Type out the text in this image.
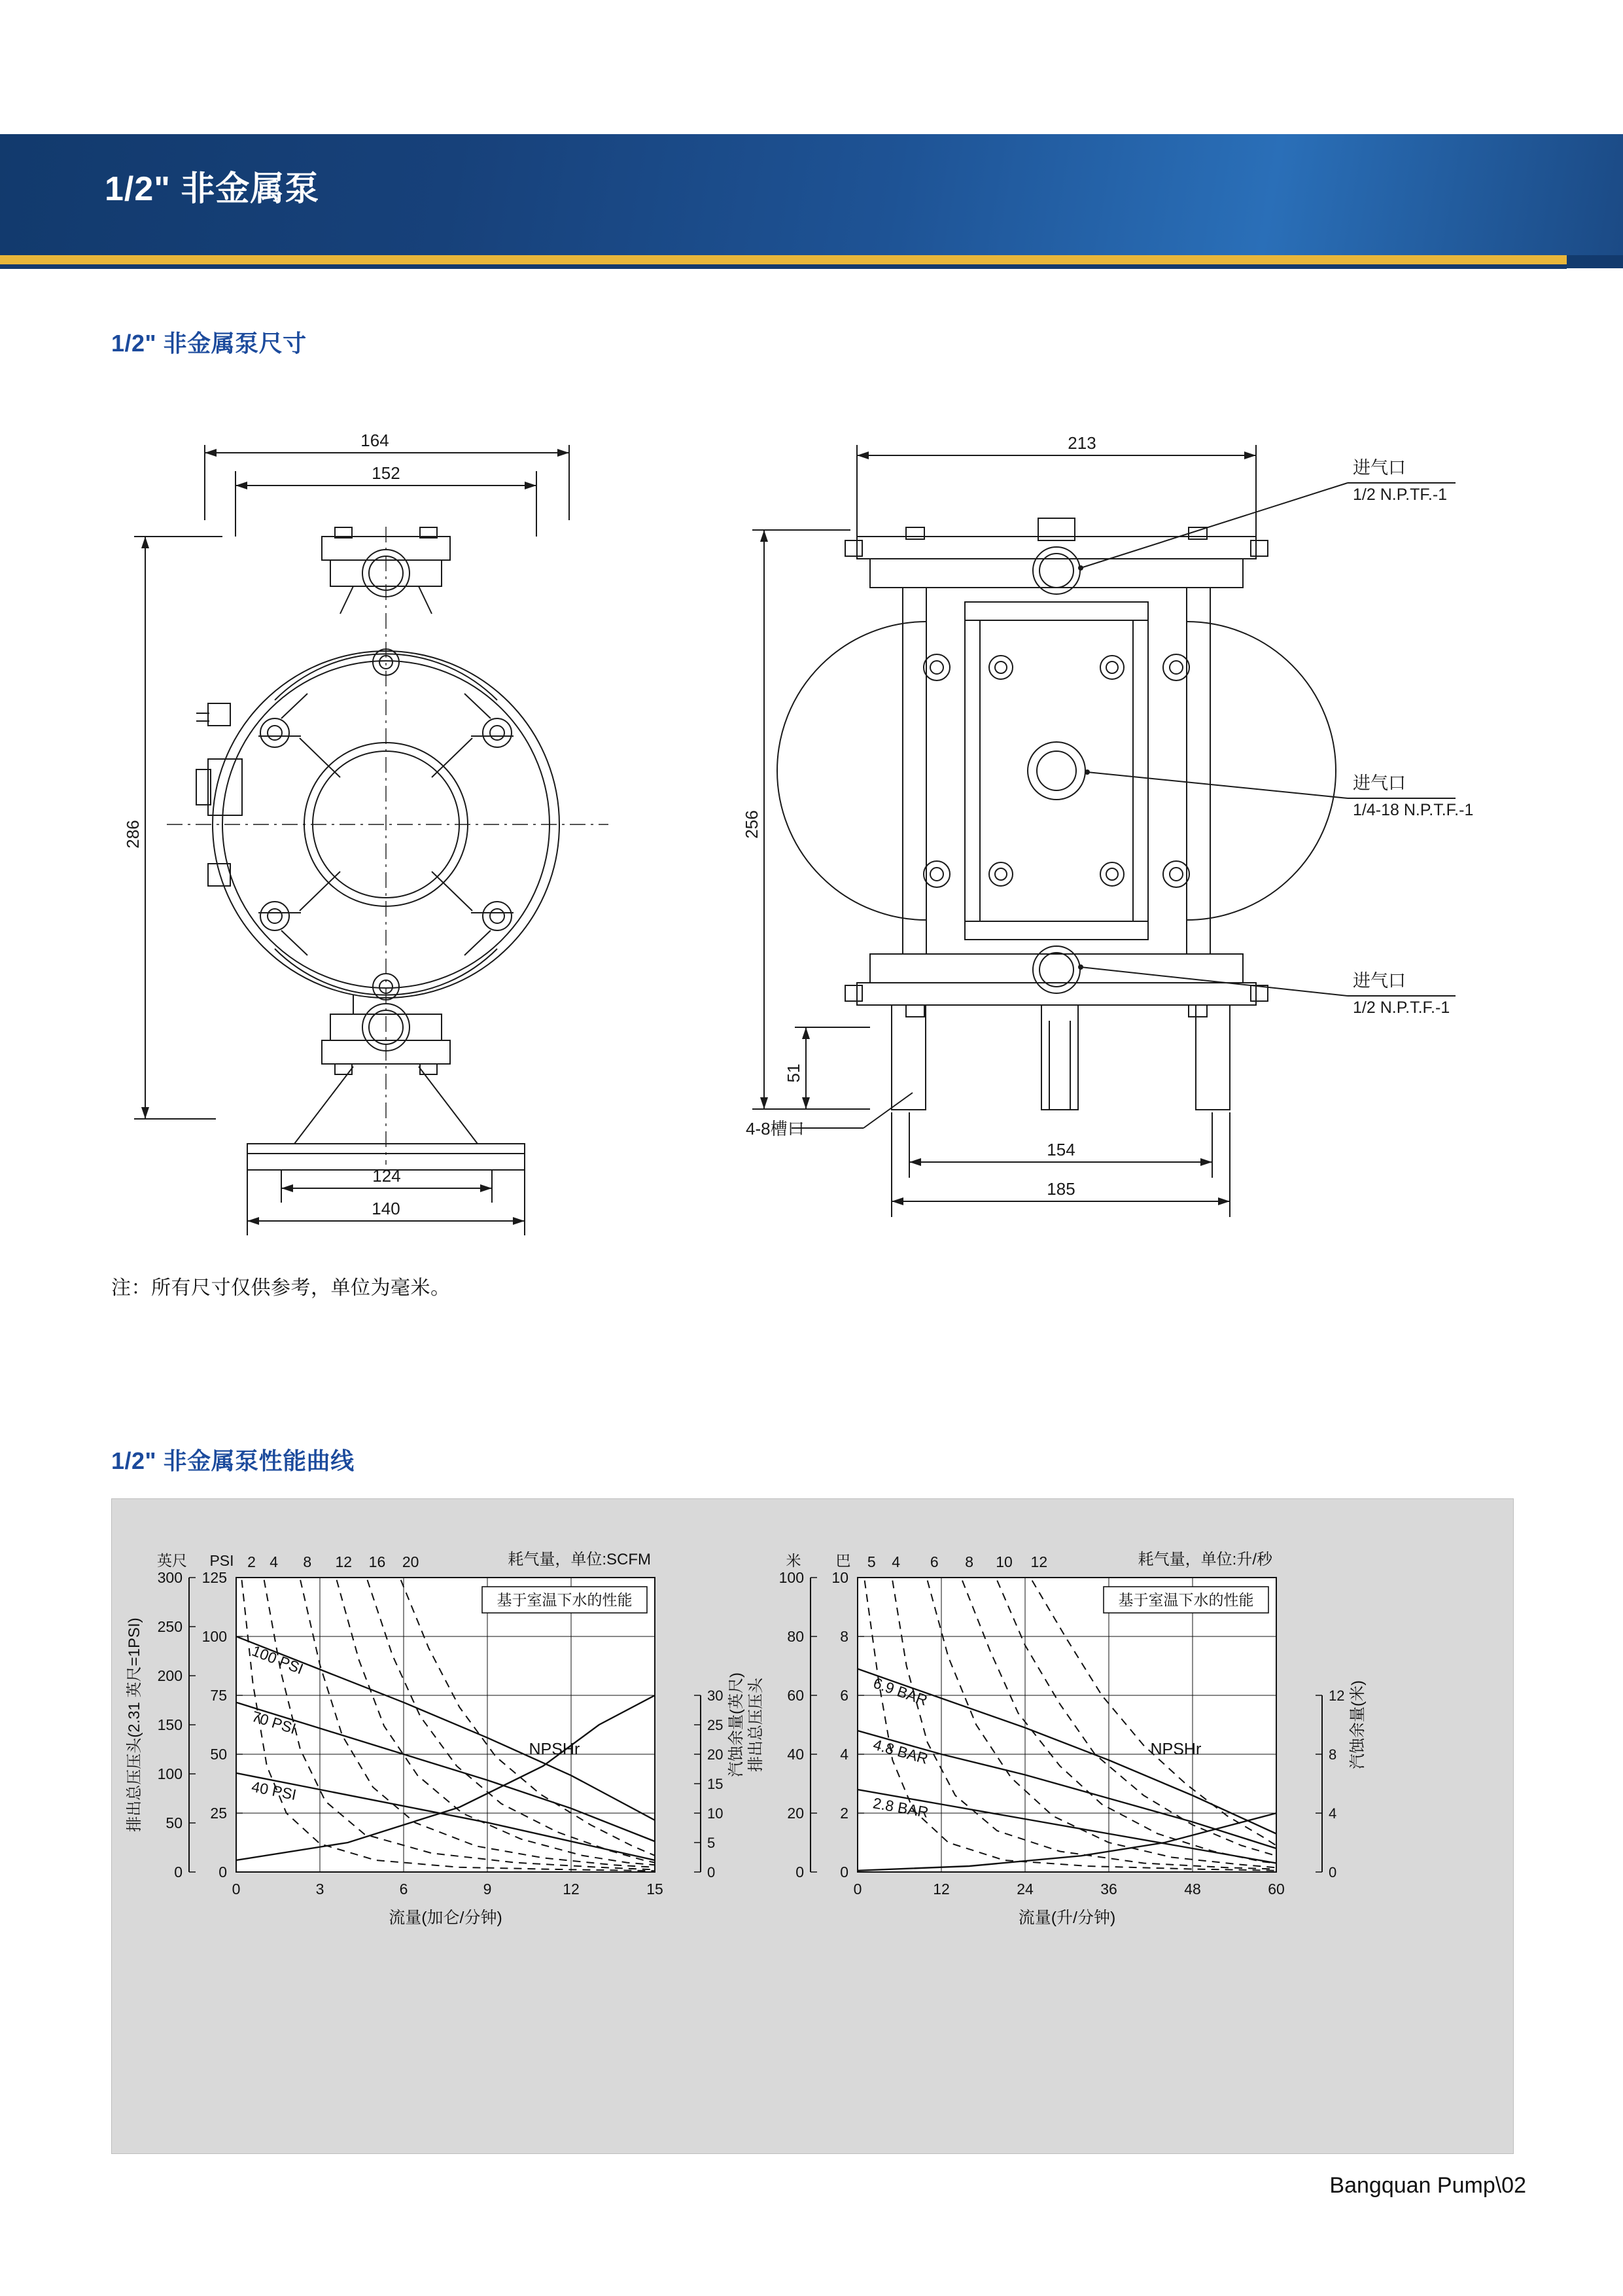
1/2" 非金属泵
1/2" 非金属泵尺寸
1/2" 非金属泵性能曲线
注：所有尺寸仅供参考，单位为毫米。
Bangquan Pump\02
164
152
286
124
140
213
256
51
154
185
4-8槽口
进气口
1/2 N.P.TF.-1
进气口
1/4-18 N.P.T.F.-1
进气口
1/2 N.P.T.F.-1
0	3	6	9	12	15
流量(加仑/分钟)
0
25
50
75
100
125
PSI
0
50
100
150
200
250
300
英尺
排出总压压头(2.31 英尺=1PSI)
0
5
10
15
20
25
30 汽蚀余量(英尺)
耗气量，单位:SCFM
2 4 8 12 16 20
基于室温下水的性能
100 PSI
70 PSI
40 PSI
NPSHr
0	12	24	36	48	60
流量(升/分钟)
0
2
4
6
8
10
巴
0
20
40
60
80
100
米
排出总压压头
0
4
8
12 汽蚀余量(米)
耗气量，单位:升/秒
5 4 6 8 10 12
基于室温下水的性能
6.9 BAR
4.8 BAR
2.8 BAR
NPSHr
